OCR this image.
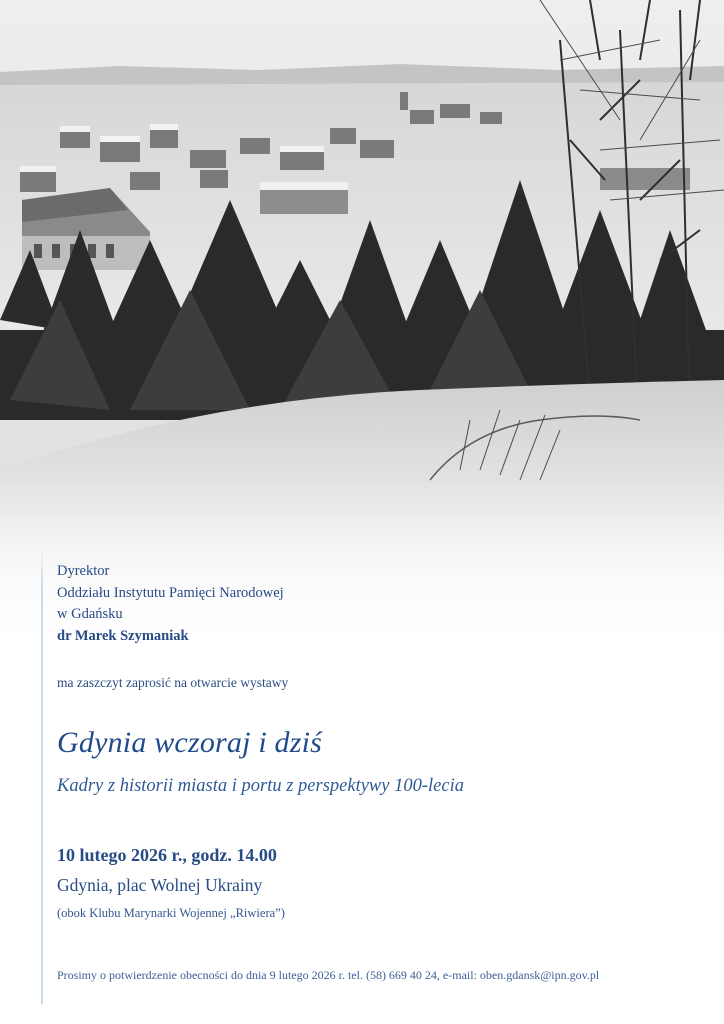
Dyrektor
Oddziału Instytutu Pamięci Narodowej
w Gdańsku
dr Marek Szymaniak
ma zaszczyt zaprosić na otwarcie wystawy
Gdynia wczoraj i dziś
Kadry z historii miasta i portu z perspektywy 100-lecia
10 lutego 2026 r., godz. 14.00
Gdynia, plac Wolnej Ukrainy
(obok Klubu Marynarki Wojennej „Riwiera”)
Prosimy o potwierdzenie obecności do dnia 9 lutego 2026 r. tel. (58) 669 40 24, e-mail: oben.gdansk@ipn.gov.pl
